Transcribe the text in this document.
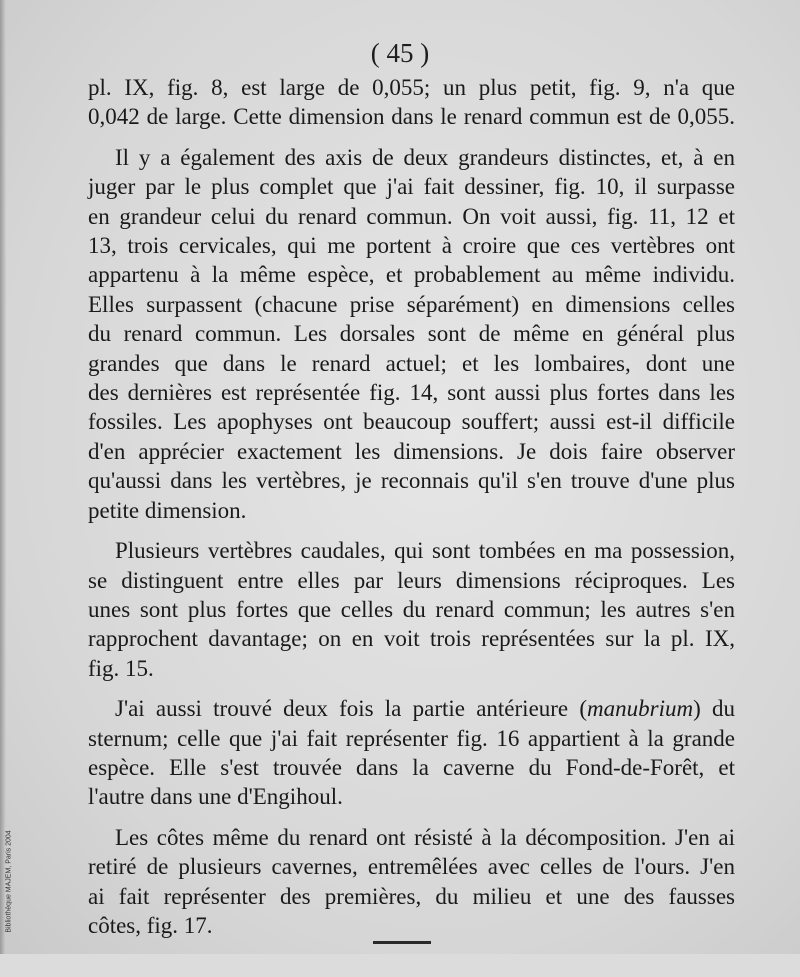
( 45 )
pl. IX, fig. 8, est large de 0,055; un plus petit, fig. 9, n'a que
0,042 de large. Cette dimension dans le renard commun est de 0,055.
Il y a également des axis de deux grandeurs distinctes, et, à en
juger par le plus complet que j'ai fait dessiner, fig. 10, il surpasse
en grandeur celui du renard commun. On voit aussi, fig. 11, 12 et
13, trois cervicales, qui me portent à croire que ces vertèbres ont
appartenu à la même espèce, et probablement au même individu.
Elles surpassent (chacune prise séparément) en dimensions celles
du renard commun. Les dorsales sont de même en général plus
grandes que dans le renard actuel; et les lombaires, dont une
des dernières est représentée fig. 14, sont aussi plus fortes dans les
fossiles. Les apophyses ont beaucoup souffert; aussi est-il difficile
d'en apprécier exactement les dimensions. Je dois faire observer
qu'aussi dans les vertèbres, je reconnais qu'il s'en trouve d'une plus
petite dimension.
Plusieurs vertèbres caudales, qui sont tombées en ma possession,
se distinguent entre elles par leurs dimensions réciproques. Les
unes sont plus fortes que celles du renard commun; les autres s'en
rapprochent davantage; on en voit trois représentées sur la pl. IX,
fig. 15.
J'ai aussi trouvé deux fois la partie antérieure (manubrium) du
sternum; celle que j'ai fait représenter fig. 16 appartient à la grande
espèce. Elle s'est trouvée dans la caverne du Fond-de-Forêt, et
l'autre dans une d'Engihoul.
Les côtes même du renard ont résisté à la décomposition. J'en ai
retiré de plusieurs cavernes, entremêlées avec celles de l'ours. J'en
ai fait représenter des premières, du milieu et une des fausses
côtes, fig. 17.
Bibliothèque MAJEM, Paris 2004
